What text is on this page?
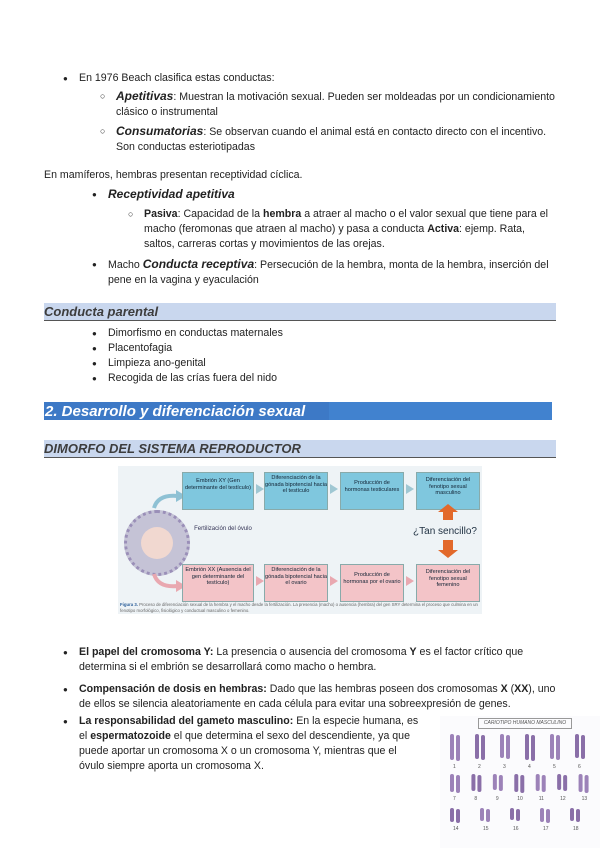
● En 1976 Beach clasifica estas conductas:
○ Apetitivas: Muestran la motivación sexual. Pueden ser moldeadas por un condicionamiento clásico o instrumental
○ Consumatorias: Se observan cuando el animal está en contacto directo con el incentivo. Son conductas esteriotipadas
En mamíferos, hembras presentan receptividad cíclica.
● Receptividad apetitiva
○ Pasiva: Capacidad de la hembra a atraer al macho o el valor sexual que tiene para el macho (feromonas que atraen al macho) y pasa a conducta Activa: ejemp. Rata, saltos, carreras cortas y movimientos de las orejas.
● Macho Conducta receptiva: Persecución de la hembra, monta de la hembra, inserción del pene en la vagina y eyaculación
Conducta parental
● Dimorfismo en conductas maternales
● Placentofagia
● Limpieza ano-genital
● Recogida de las crías fuera del nido
2. Desarrollo y diferenciación sexual
DIMORFO DEL SISTEMA REPRODUCTOR
Fertilización del óvulo
Embrión XY (Gen determinante del testículo)
Diferenciación de la gónada bipotencial hacia el testículo
Producción de hormonas testiculares
Diferenciación del fenotipo sexual masculino
¿Tan sencillo?
Embrión XX (Ausencia del gen determinante del testículo)
Diferenciación de la gónada bipotencial hacia el ovario
Producción de hormonas por el ovario
Diferenciación del fenotipo sexual femenino
Figura 3. Proceso de diferenciación sexual de la hembra y el macho desde la fertilización. La presencia (macho) o ausencia (hembra) del gen SRY determina el proceso que culmina en un fenotipo morfológico, fisiológico y conductual masculino o femenino.
● El papel del cromosoma Y: La presencia o ausencia del cromosoma Y es el factor crítico que determina si el embrión se desarrollará como macho o hembra.
● Compensación de dosis en hembras: Dado que las hembras poseen dos cromosomas X (XX), uno de ellos se silencia aleatoriamente en cada célula para evitar una sobreexpresión de genes.
● La responsabilidad del gameto masculino: En la especie humana, es el espermatozoide el que determina el sexo del descendiente, ya que puede aportar un cromosoma X o un cromosoma Y, mientras que el óvulo siempre aporta un cromosoma X.
CARIOTIPO HUMANO MASCULINO
1	2	3	4	5	6
7	8	9	10	11	12	13
14	15	16	17	18
